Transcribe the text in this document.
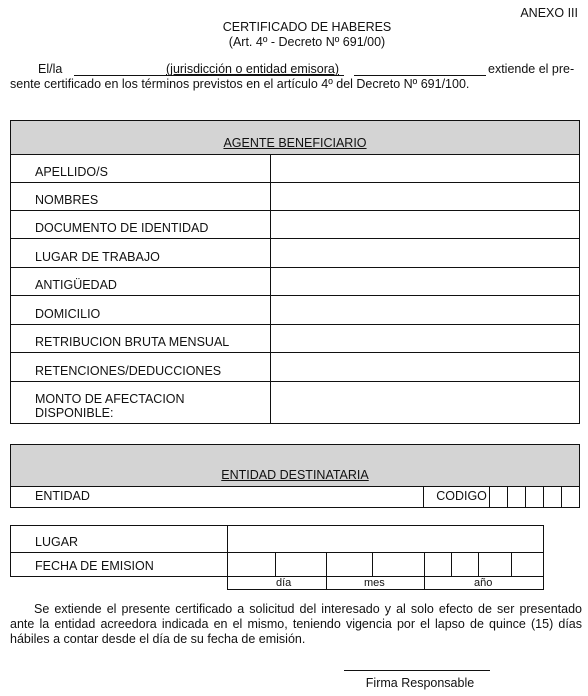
ANEXO III
CERTIFICADO DE HABERES
(Art. 4º - Decreto Nº 691/00)
El/la	(jurisdicción o entidad emisora)	extiende el pre-
sente certificado en los términos previstos en el artículo 4º del Decreto Nº 691/100.
AGENTE BENEFICIARIO	
APELLIDO/S	
NOMBRES	
DOCUMENTO DE IDENTIDAD	
LUGAR DE TRABAJO	
ANTIGÜEDAD	
DOMICILIO	
RETRIBUCION BRUTA MENSUAL	
RETENCIONES/DEDUCCIONES	

MONTO DE AFECTACION
DISPONIBLE:	

ENTIDAD DESTINATARIA
ENTIDAD	CODIGO					
LUGAR								
FECHA DE EMISION								
día	mes	año
Se extiende el presente certificado a solicitud del interesado y al solo efecto de ser presentado ante la entidad acreedora indicada en el mismo, teniendo vigencia por el lapso de quince (15) días hábiles a contar desde el día de su fecha de emisión.
Firma Responsable
